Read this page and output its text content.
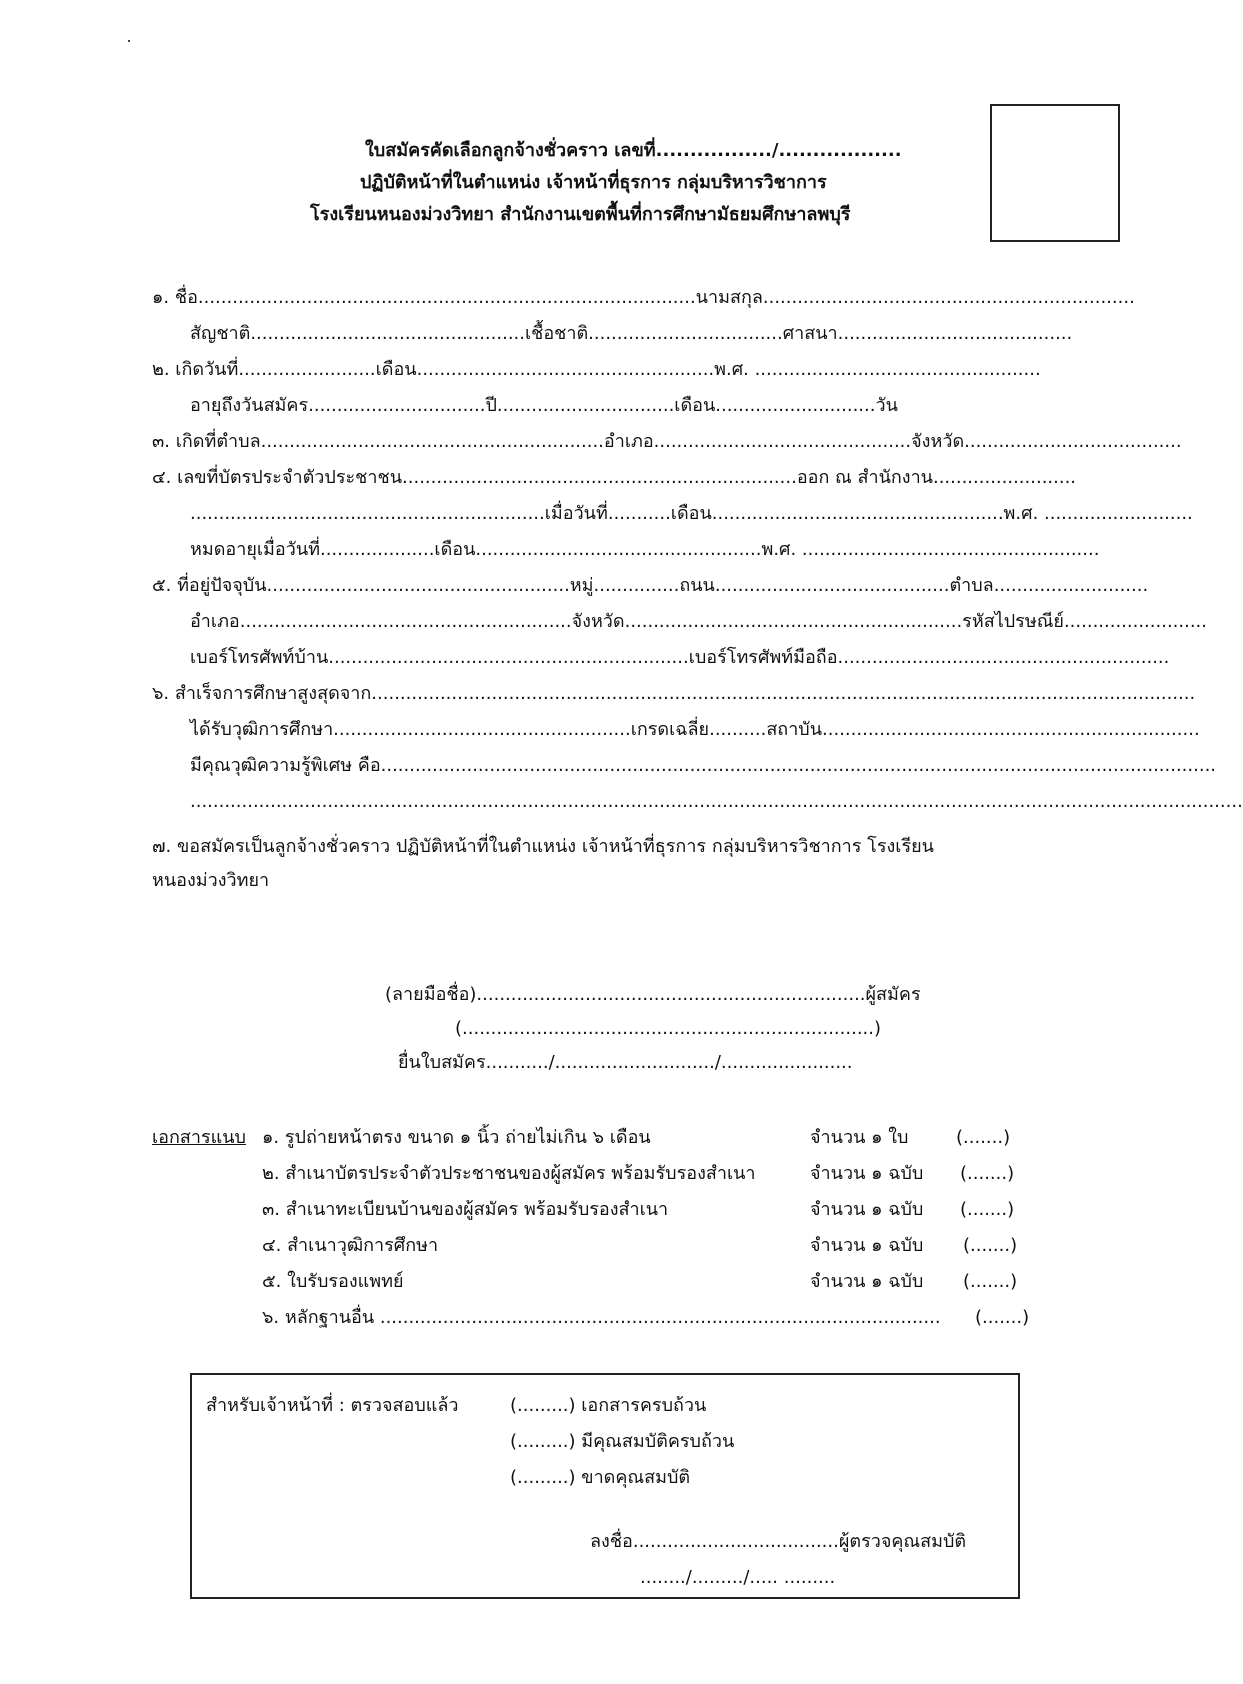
ใบสมัครคัดเลือกลูกจ้างชั่วคราว เลขที่................./..................
ปฏิบัติหน้าที่ในตำแหน่ง เจ้าหน้าที่ธุรการ กลุ่มบริหารวิชาการ
โรงเรียนหนองม่วงวิทยา สำนักงานเขตพื้นที่การศึกษามัธยมศึกษาลพบุรี
๑. ชื่อ.......................................................................................นามสกุล.................................................................
สัญชาติ................................................เชื้อชาติ..................................ศาสนา.........................................
๒. เกิดวันที่........................เดือน....................................................พ.ศ. ..................................................
อายุถึงวันสมัคร...............................ปี...............................เดือน............................วัน
๓. เกิดที่ตำบล............................................................อำเภอ.............................................จังหวัด......................................
๔. เลขที่บัตรประจำตัวประชาชน.....................................................................ออก ณ สำนักงาน.........................
..............................................................เมื่อวันที่...........เดือน...................................................พ.ศ. ..........................
หมดอายุเมื่อวันที่....................เดือน..................................................พ.ศ. ....................................................
๕. ที่อยู่ปัจจุบัน.....................................................หมู่...............ถนน.........................................ตำบล...........................
อำเภอ..........................................................จังหวัด...........................................................รหัสไปรษณีย์.........................
เบอร์โทรศัพท์บ้าน...............................................................เบอร์โทรศัพท์มือถือ..........................................................
๖. สำเร็จการศึกษาสูงสุดจาก................................................................................................................................................
ได้รับวุฒิการศึกษา....................................................เกรดเฉลี่ย..........สถาบัน..................................................................
มีคุณวุฒิความรู้พิเศษ คือ..................................................................................................................................................
........................................................................................................................................................................................
๗. ขอสมัครเป็นลูกจ้างชั่วคราว ปฏิบัติหน้าที่ในตำแหน่ง เจ้าหน้าที่ธุรการ กลุ่มบริหารวิชาการ โรงเรียน
หนองม่วงวิทยา
(ลายมือชื่อ)....................................................................ผู้สมัคร
(........................................................................)
ยื่นใบสมัคร.........../............................/.......................
เอกสารแนบ ๑. รูปถ่ายหน้าตรง ขนาด ๑ นิ้ว ถ่ายไม่เกิน ๖ เดือน	จำนวน ๑ ใบ	(.......)
๒. สำเนาบัตรประจำตัวประชาชนของผู้สมัคร พร้อมรับรองสำเนา	จำนวน ๑ ฉบับ (.......)
๓. สำเนาทะเบียนบ้านของผู้สมัคร พร้อมรับรองสำเนา	จำนวน ๑ ฉบับ (.......)
๔. สำเนาวุฒิการศึกษา	จำนวน ๑ ฉบับ (.......)
๕. ใบรับรองแพทย์	จำนวน ๑ ฉบับ (.......)
๖. หลักฐานอื่น ..................................................................................................	(.......)
สำหรับเจ้าหน้าที่ : ตรวจสอบแล้ว	(.........) เอกสารครบถ้วน
(.........) มีคุณสมบัติครบถ้วน
(.........) ขาดคุณสมบัติ
ลงชื่อ....................................ผู้ตรวจคุณสมบัติ
......../........./..... .........
